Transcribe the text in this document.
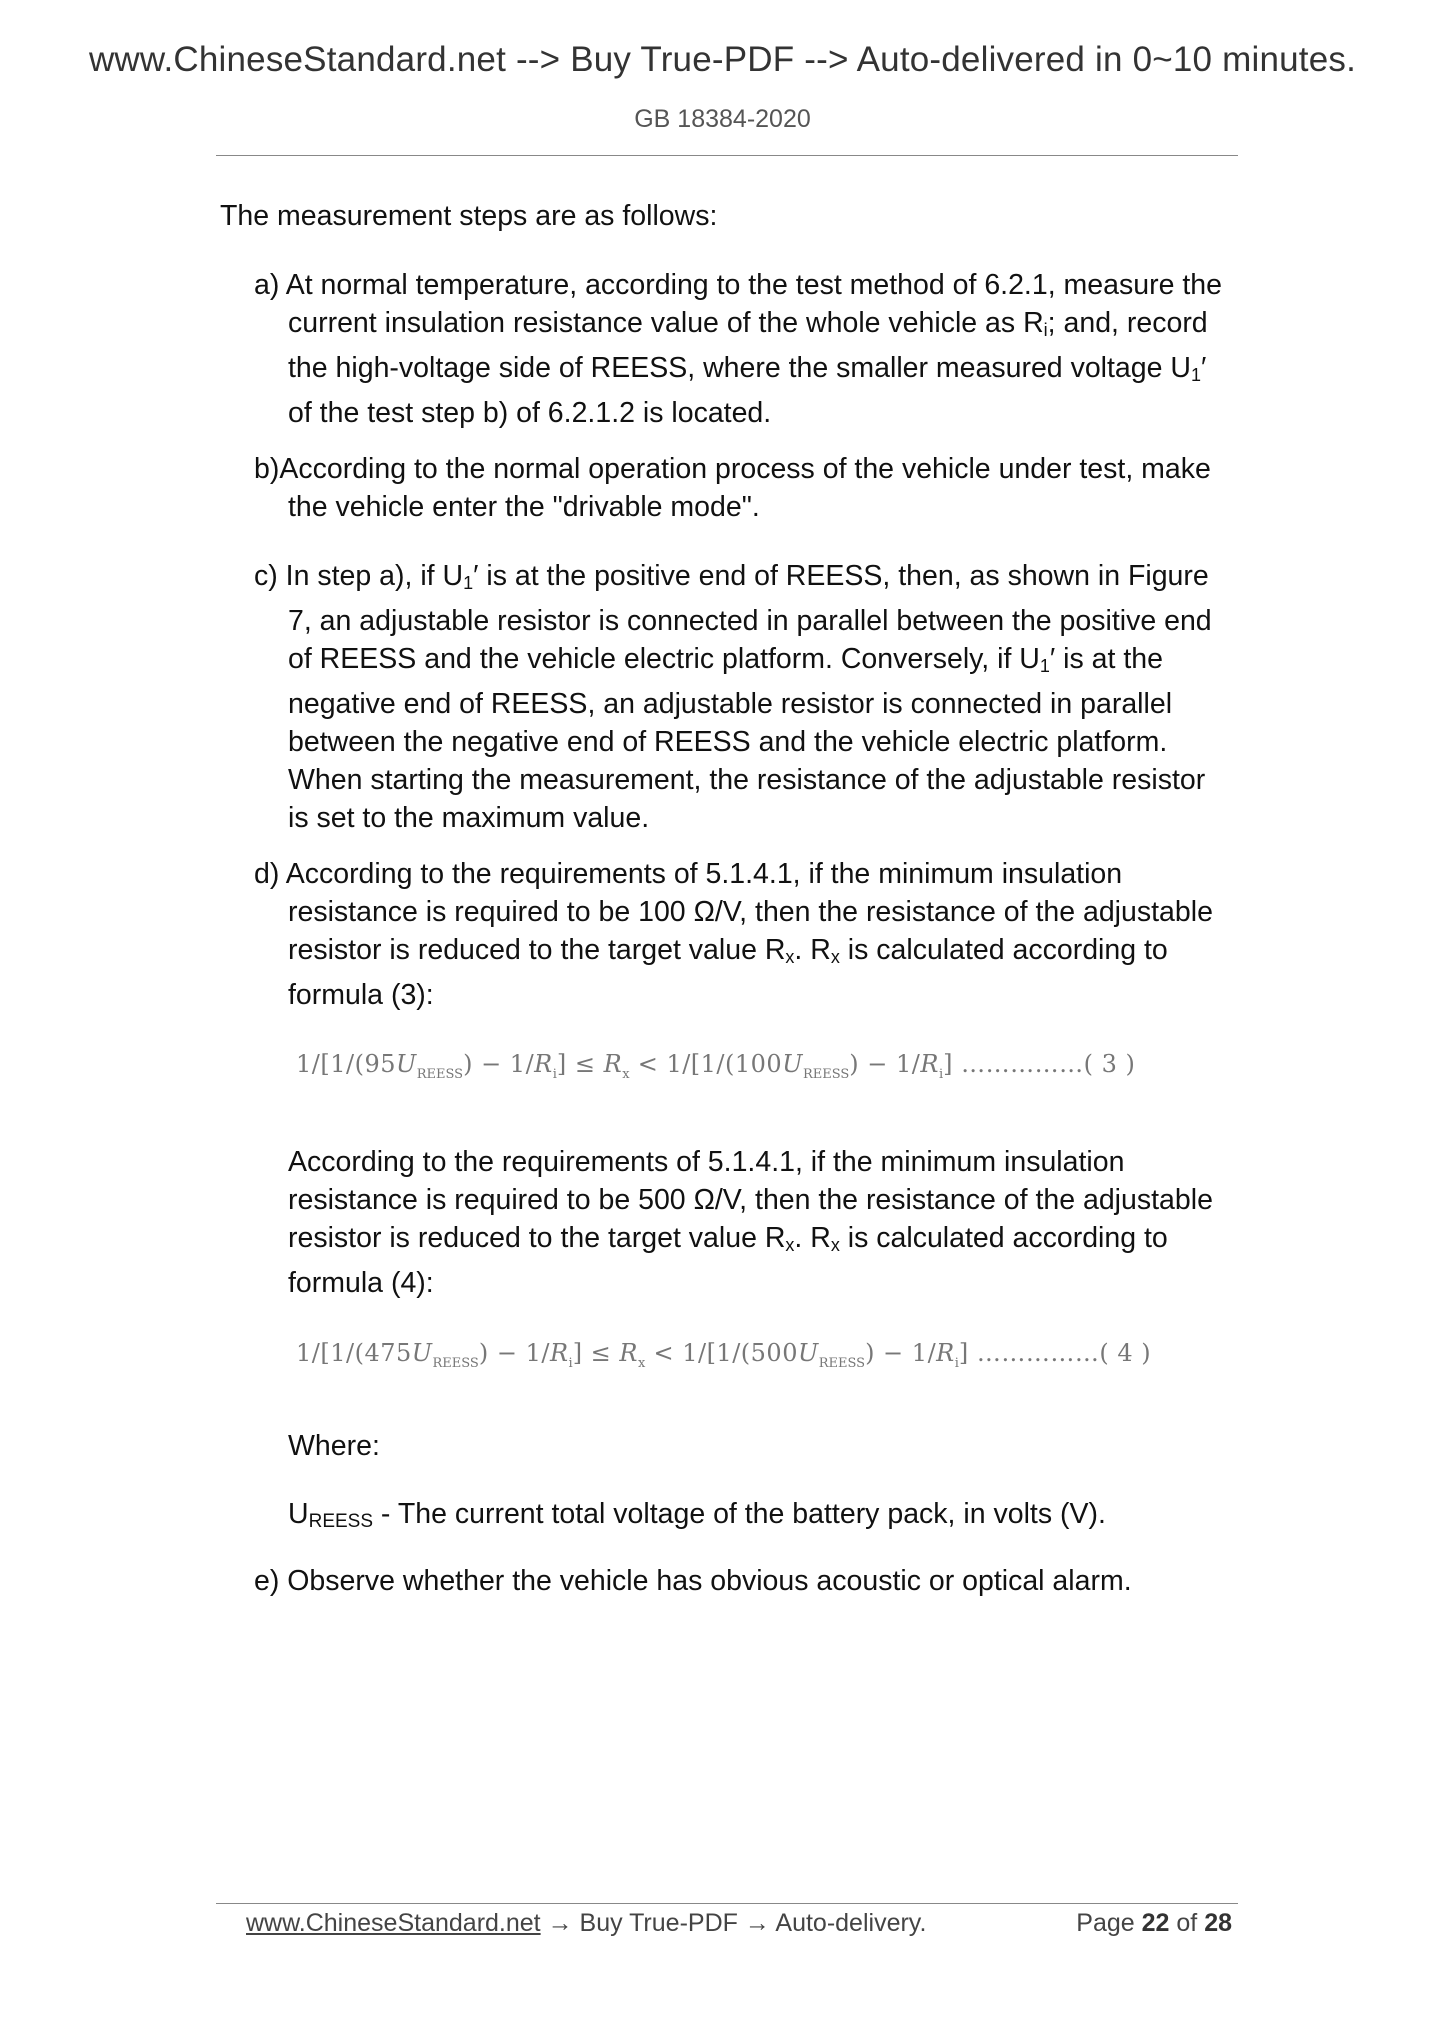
www.ChineseStandard.net --> Buy True-PDF --> Auto-delivered in 0~10 minutes.
GB 18384-2020
The measurement steps are as follows:
a) At normal temperature, according to the test method of 6.2.1, measure the
current insulation resistance value of the whole vehicle as $R_i$; and, record
the high-voltage side of REESS, where the smaller measured voltage $U_1'$
of the test step b) of 6.2.1.2 is located.
b)According to the normal operation process of the vehicle under test, make
the vehicle enter the "drivable mode".
c) In step a), if $U_1'$ is at the positive end of REESS, then, as shown in Figure
7, an adjustable resistor is connected in parallel between the positive end
of REESS and the vehicle electric platform. Conversely, if $U_1'$ is at the
negative end of REESS, an adjustable resistor is connected in parallel
between the negative end of REESS and the vehicle electric platform.
When starting the measurement, the resistance of the adjustable resistor
is set to the maximum value.
d) According to the requirements of 5.1.4.1, if the minimum insulation
resistance is required to be 100 Ω/V, then the resistance of the adjustable
resistor is reduced to the target value $R_x$. $R_x$ is calculated according to
formula (3):
$1/[1/(95U_{REESS}) - 1/R_i] \le R_x < 1/[1/(100U_{REESS}) - 1/R_i]$ ……………( 3 )
According to the requirements of 5.1.4.1, if the minimum insulation
resistance is required to be 500 Ω/V, then the resistance of the adjustable
resistor is reduced to the target value $R_x$. $R_x$ is calculated according to
formula (4):
$1/[1/(475U_{REESS}) - 1/R_i] \le R_x < 1/[1/(500U_{REESS}) - 1/R_i]$ ……………( 4 )
Where:
$U_{REESS}$ - The current total voltage of the battery pack, in volts (V).
e) Observe whether the vehicle has obvious acoustic or optical alarm.
www.ChineseStandard.net → Buy True-PDF → Auto-delivery.	Page 22 of 28
